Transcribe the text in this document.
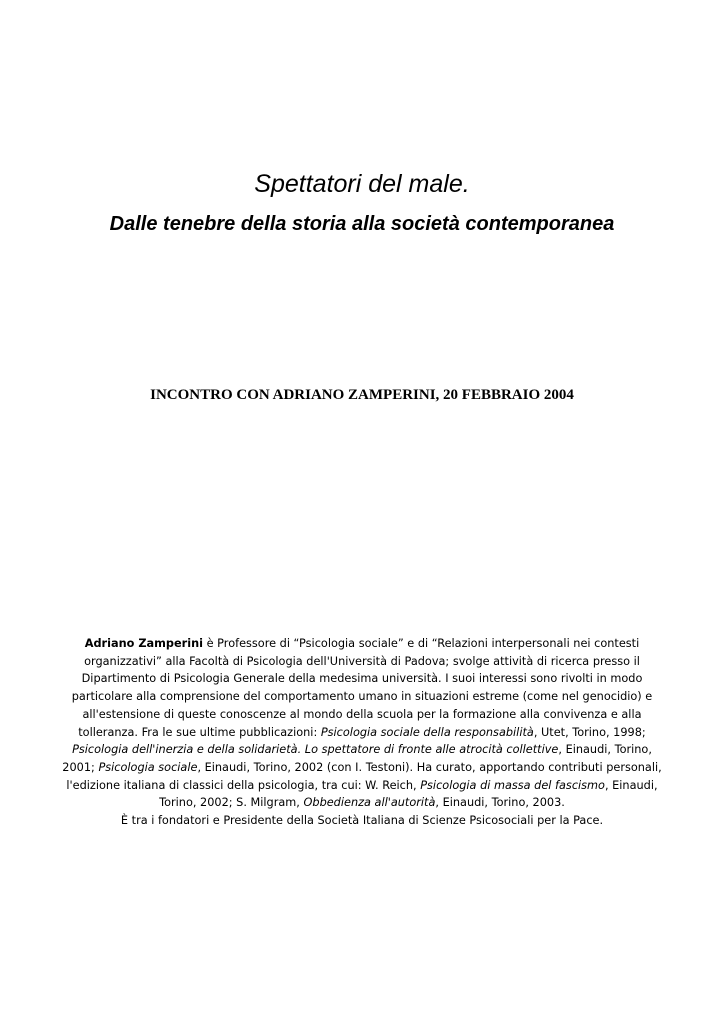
Spettatori del male.
Dalle tenebre della storia alla società contemporanea

INCONTRO CON ADRIANO ZAMPERINI, 20 FEBBRAIO 2004

Adriano Zamperini è Professore di “Psicologia sociale” e di “Relazioni interpersonali nei contesti organizzativi” alla Facoltà di Psicologia dell'Università di Padova; svolge attività di ricerca presso il Dipartimento di Psicologia Generale della medesima università. I suoi interessi sono rivolti in modo particolare alla comprensione del comportamento umano in situazioni estreme (come nel genocidio) e all'estensione di queste conoscenze al mondo della scuola per la formazione alla convivenza e alla tolleranza. Fra le sue ultime pubblicazioni: Psicologia sociale della responsabilità, Utet, Torino, 1998; Psicologia dell'inerzia e della solidarietà. Lo spettatore di fronte alle atrocità collettive, Einaudi, Torino, 2001; Psicologia sociale, Einaudi, Torino, 2002 (con I. Testoni). Ha curato, apportando contributi personali, l'edizione italiana di classici della psicologia, tra cui: W. Reich, Psicologia di massa del fascismo, Einaudi, Torino, 2002; S. Milgram, Obbedienza all'autorità, Einaudi, Torino, 2003.
È tra i fondatori e Presidente della Società Italiana di Scienze Psicosociali per la Pace.
